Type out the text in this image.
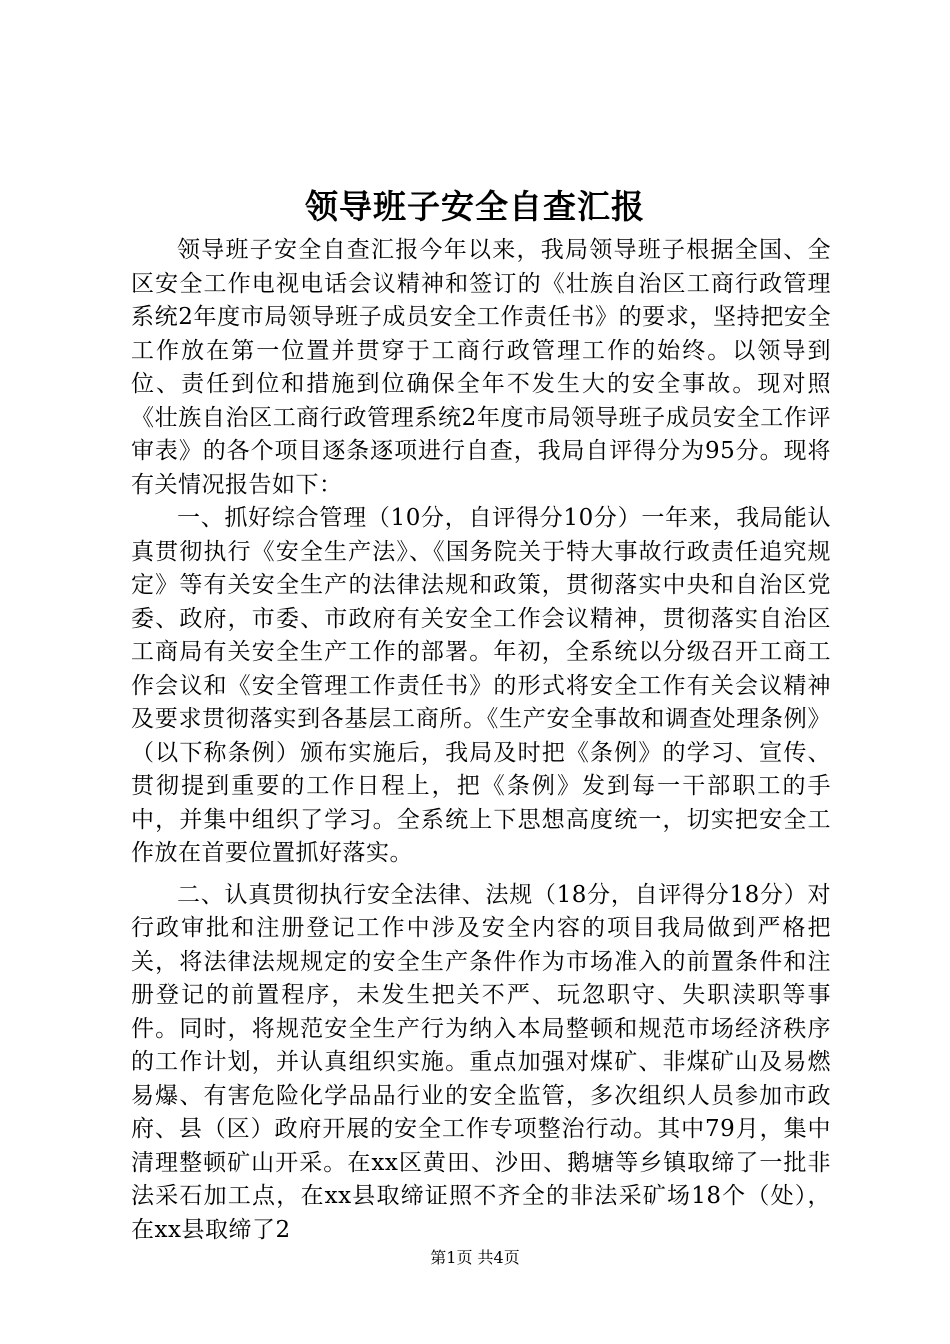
领导班子安全自查汇报

领导班子安全自查汇报今年以来，我局领导班子根据全国、全区安全工作电视电话会议精神和签订的《壮族自治区工商行政管理系统2年度市局领导班子成员安全工作责任书》的要求，坚持把安全工作放在第一位置并贯穿于工商行政管理工作的始终。以领导到位、责任到位和措施到位确保全年不发生大的安全事故。现对照《壮族自治区工商行政管理系统2年度市局领导班子成员安全工作评审表》的各个项目逐条逐项进行自查，我局自评得分为95分。现将有关情况报告如下：

一、抓好综合管理（10分，自评得分10分）一年来，我局能认真贯彻执行《安全生产法》、《国务院关于特大事故行政责任追究规定》等有关安全生产的法律法规和政策，贯彻落实中央和自治区党委、政府，市委、市政府有关安全工作会议精神，贯彻落实自治区工商局有关安全生产工作的部署。年初，全系统以分级召开工商工作会议和《安全管理工作责任书》的形式将安全工作有关会议精神及要求贯彻落实到各基层工商所。《生产安全事故和调查处理条例》（以下称条例）颁布实施后，我局及时把《条例》的学习、宣传、贯彻提到重要的工作日程上，把《条例》发到每一干部职工的手中，并集中组织了学习。全系统上下思想高度统一，切实把安全工作放在首要位置抓好落实。

二、认真贯彻执行安全法律、法规（18分，自评得分18分）对行政审批和注册登记工作中涉及安全内容的项目我局做到严格把关，将法律法规规定的安全生产条件作为市场准入的前置条件和注册登记的前置程序，未发生把关不严、玩忽职守、失职渎职等事件。同时，将规范安全生产行为纳入本局整顿和规范市场经济秩序的工作计划，并认真组织实施。重点加强对煤矿、非煤矿山及易燃易爆、有害危险化学品品行业的安全监管，多次组织人员参加市政府、县（区）政府开展的安全工作专项整治行动。其中79月，集中清理整顿矿山开采。在xx区黄田、沙田、鹅塘等乡镇取缔了一批非法采石加工点，在xx县取缔证照不齐全的非法采矿场18个（处），在xx县取缔了2

第1页 共4页
